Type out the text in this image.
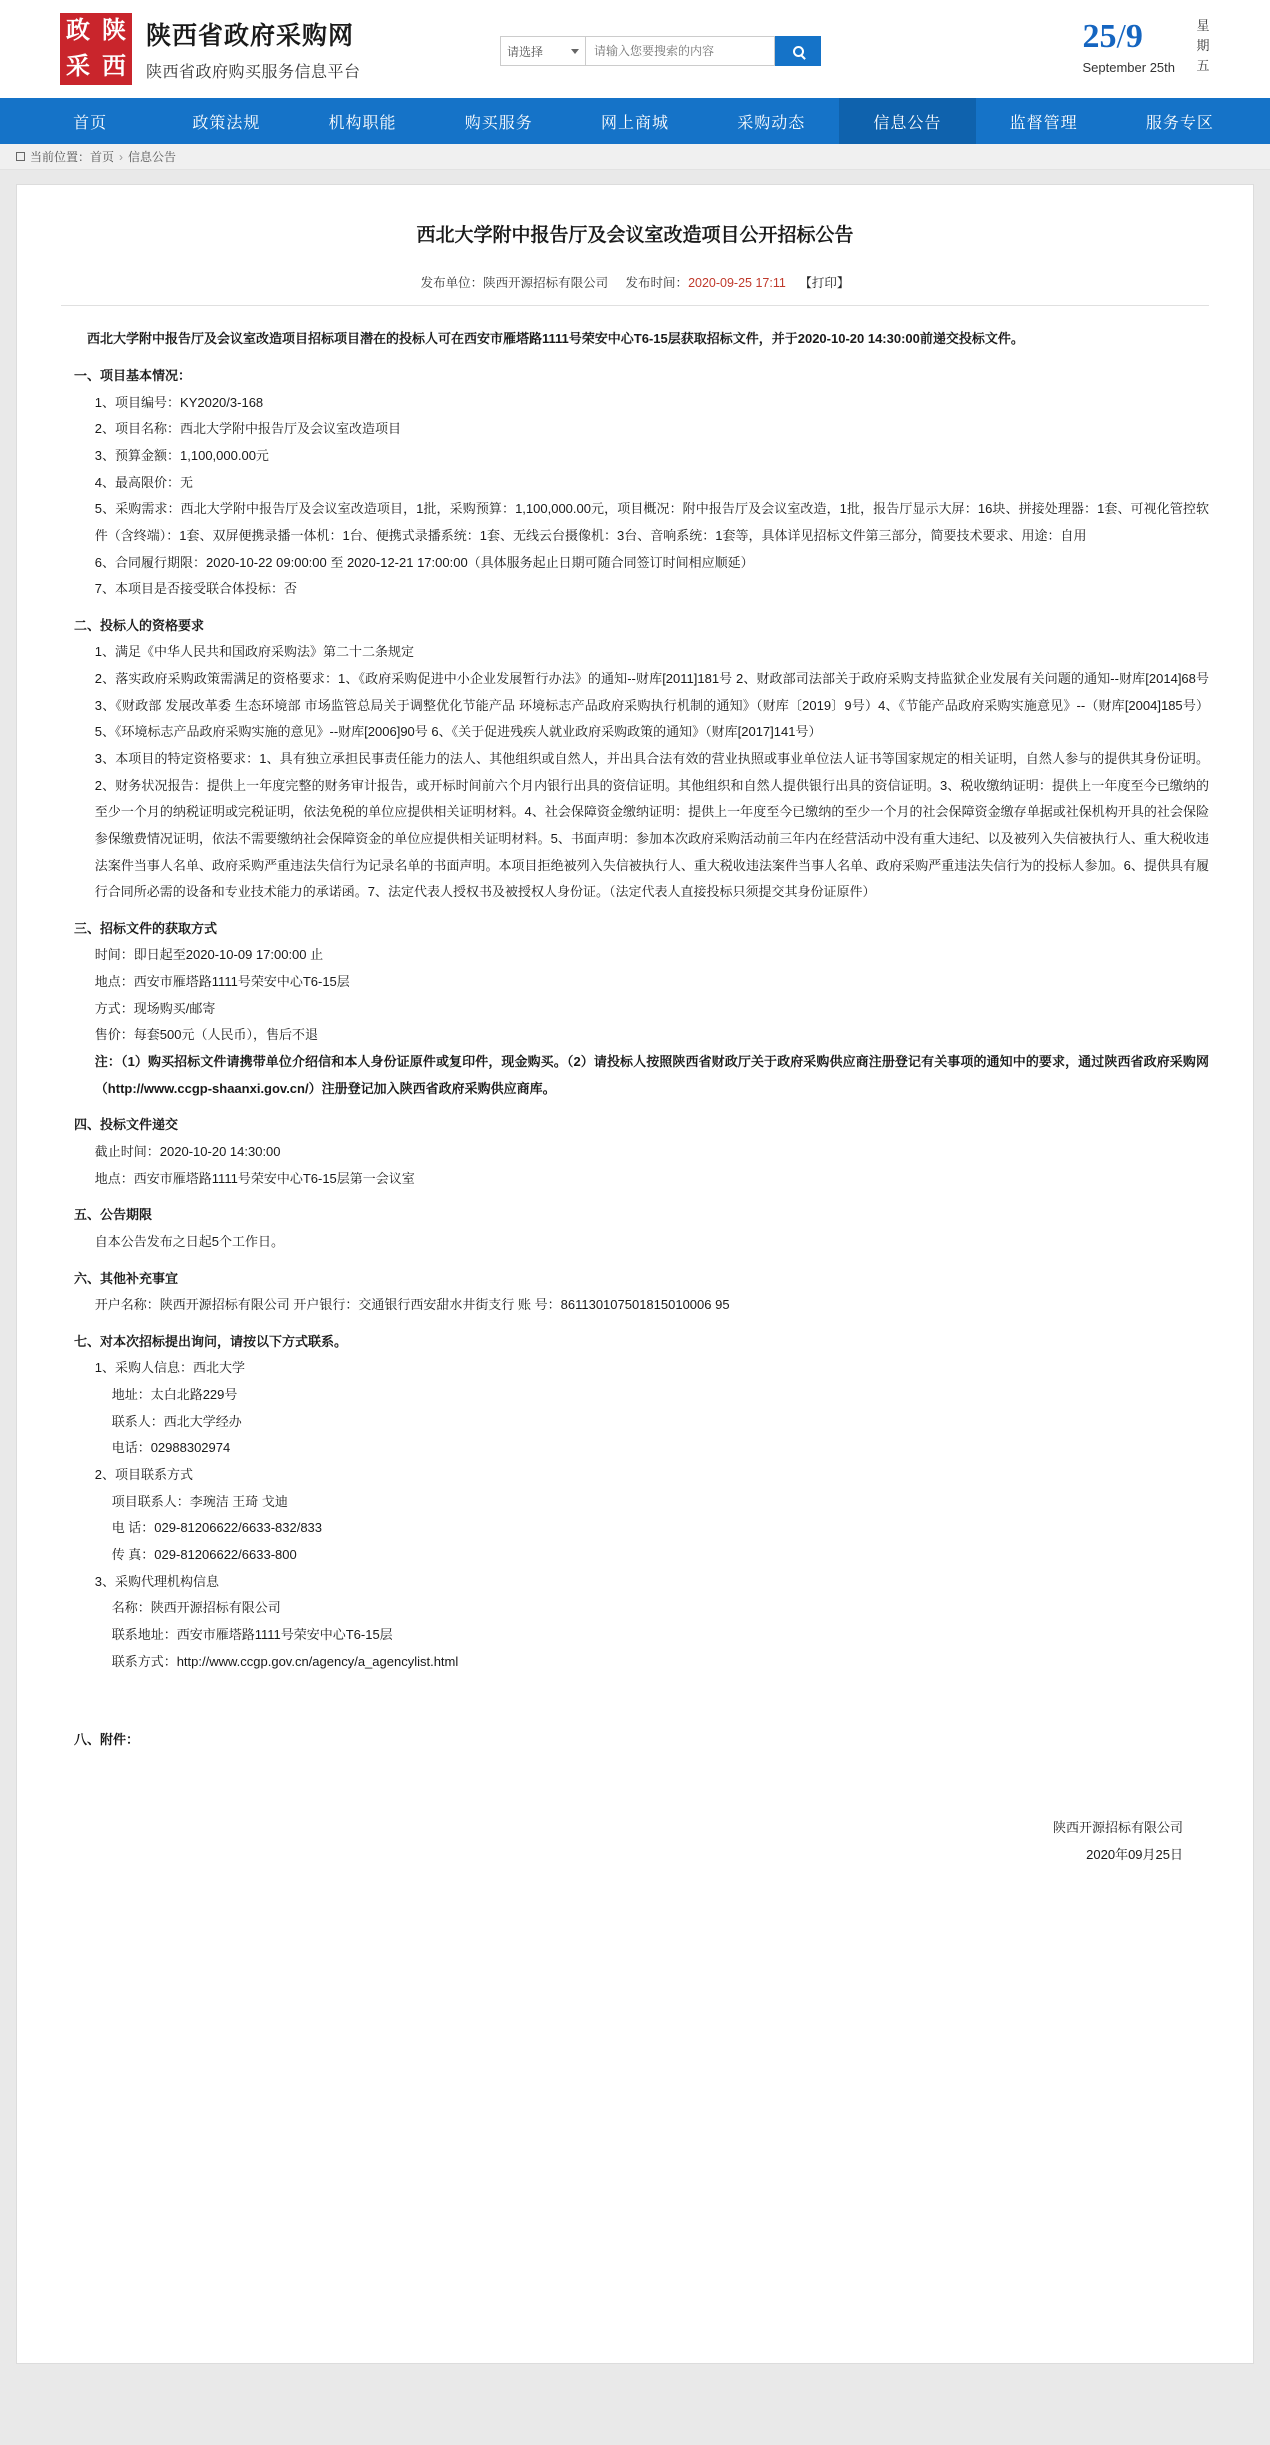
政 陕
采 西
陕西省政府采购网
陕西省政府购买服务信息平台
请选择
请输入您要搜索的内容	25/9
September 25th
星期五
首页	政策法规	机构职能	购买服务	网上商城	采购动态	信息公告	监督管理	服务专区
当前位置： 首页 › 信息公告
西北大学附中报告厅及会议室改造项目公开招标公告
发布单位：陕西开源招标有限公司 发布时间：2020-09-25 17:11 【打印】
西北大学附中报告厅及会议室改造项目招标项目潜在的投标人可在西安市雁塔路1111号荣安中心T6-15层获取招标文件，并于2020-10-20 14:30:00前递交投标文件。
一、项目基本情况：
1、项目编号：KY2020/3-168
2、项目名称：西北大学附中报告厅及会议室改造项目
3、预算金额：1,100,000.00元
4、最高限价：无
5、采购需求：西北大学附中报告厅及会议室改造项目，1批，采购预算：1,100,000.00元，项目概况：附中报告厅及会议室改造，1批，报告厅显示大屏：16块、拼接处理器：1套、可视化管控软件（含终端）：1套、双屏便携录播一体机：1台、便携式录播系统：1套、无线云台摄像机：3台、音响系统：1套等，具体详见招标文件第三部分，简要技术要求、用途：自用
6、合同履行期限：2020-10-22 09:00:00 至 2020-12-21 17:00:00（具体服务起止日期可随合同签订时间相应顺延）
7、本项目是否接受联合体投标：否
二、投标人的资格要求
1、满足《中华人民共和国政府采购法》第二十二条规定
2、落实政府采购政策需满足的资格要求：1、《政府采购促进中小企业发展暂行办法》的通知--财库[2011]181号 2、财政部司法部关于政府采购支持监狱企业发展有关问题的通知--财库[2014]68号 3、《财政部 发展改革委 生态环境部 市场监管总局关于调整优化节能产品 环境标志产品政府采购执行机制的通知》（财库〔2019〕9号）4、《节能产品政府采购实施意见》--（财库[2004]185号）5、《环境标志产品政府采购实施的意见》--财库[2006]90号 6、《关于促进残疾人就业政府采购政策的通知》（财库[2017]141号）
3、本项目的特定资格要求：1、具有独立承担民事责任能力的法人、其他组织或自然人，并出具合法有效的营业执照或事业单位法人证书等国家规定的相关证明，自然人参与的提供其身份证明。2、财务状况报告：提供上一年度完整的财务审计报告，或开标时间前六个月内银行出具的资信证明。其他组织和自然人提供银行出具的资信证明。3、税收缴纳证明：提供上一年度至今已缴纳的至少一个月的纳税证明或完税证明，依法免税的单位应提供相关证明材料。4、社会保障资金缴纳证明：提供上一年度至今已缴纳的至少一个月的社会保障资金缴存单据或社保机构开具的社会保险参保缴费情况证明，依法不需要缴纳社会保障资金的单位应提供相关证明材料。5、书面声明：参加本次政府采购活动前三年内在经营活动中没有重大违纪、以及被列入失信被执行人、重大税收违法案件当事人名单、政府采购严重违法失信行为记录名单的书面声明。本项目拒绝被列入失信被执行人、重大税收违法案件当事人名单、政府采购严重违法失信行为的投标人参加。6、提供具有履行合同所必需的设备和专业技术能力的承诺函。7、法定代表人授权书及被授权人身份证。（法定代表人直接投标只须提交其身份证原件）
三、招标文件的获取方式
时间：即日起至2020-10-09 17:00:00 止
地点：西安市雁塔路1111号荣安中心T6-15层
方式：现场购买/邮寄
售价：每套500元（人民币），售后不退
注：（1）购买招标文件请携带单位介绍信和本人身份证原件或复印件，现金购买。（2）请投标人按照陕西省财政厅关于政府采购供应商注册登记有关事项的通知中的要求，通过陕西省政府采购网（http://www.ccgp-shaanxi.gov.cn/）注册登记加入陕西省政府采购供应商库。
四、投标文件递交
截止时间：2020-10-20 14:30:00
地点：西安市雁塔路1111号荣安中心T6-15层第一会议室
五、公告期限
自本公告发布之日起5个工作日。
六、其他补充事宜
开户名称：陕西开源招标有限公司 开户银行：交通银行西安甜水井街支行 账 号：861130107501815010006 95
七、对本次招标提出询问，请按以下方式联系。
1、采购人信息：西北大学
地址：太白北路229号
联系人：西北大学经办
电话：02988302974
2、项目联系方式
项目联系人：李琬洁 王琦 戈迪
电 话：029-81206622/6633-832/833
传 真：029-81206622/6633-800
3、采购代理机构信息
名称：陕西开源招标有限公司
联系地址：西安市雁塔路1111号荣安中心T6-15层
联系方式：http://www.ccgp.gov.cn/agency/a_agencylist.html
八、附件：
陕西开源招标有限公司
2020年09月25日
